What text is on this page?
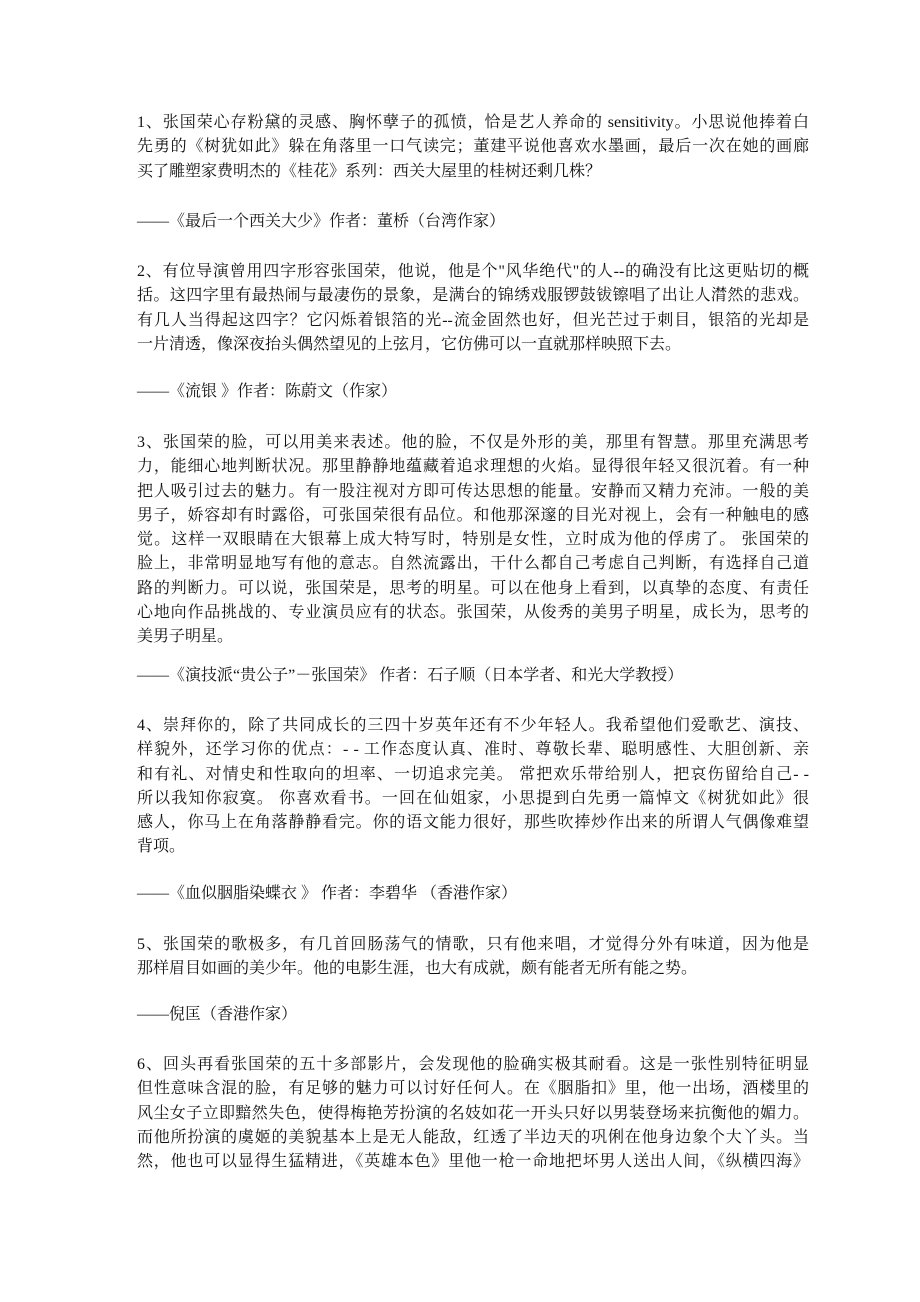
1、张国荣心存粉黛的灵感、胸怀孽子的孤愤，恰是艺人养命的 sensitivity。小思说他捧着白
先勇的《树犹如此》躲在角落里一口气读完；董建平说他喜欢水墨画，最后一次在她的画廊
买了雕塑家费明杰的《桂花》系列：西关大屋里的桂树还剩几株？
——《最后一个西关大少》作者：董桥（台湾作家）
2、有位导演曾用四字形容张国荣，他说，他是个"风华绝代"的人--的确没有比这更贴切的概
括。这四字里有最热闹与最凄伤的景象，是满台的锦绣戏服锣鼓钹镲唱了出让人潸然的悲戏。
有几人当得起这四字？它闪烁着银箔的光--流金固然也好，但光芒过于刺目，银箔的光却是
一片清透，像深夜抬头偶然望见的上弦月，它仿佛可以一直就那样映照下去。
——《流银 》作者：陈蔚文（作家）
3、张国荣的脸，可以用美来表述。他的脸，不仅是外形的美，那里有智慧。那里充满思考
力，能细心地判断状况。那里静静地蕴藏着追求理想的火焰。显得很年轻又很沉着。有一种
把人吸引过去的魅力。有一股注视对方即可传达思想的能量。安静而又精力充沛。一般的美
男子，娇容却有时露俗，可张国荣很有品位。和他那深邃的目光对视上，会有一种触电的感
觉。这样一双眼睛在大银幕上成大特写时，特别是女性，立时成为他的俘虏了。 张国荣的
脸上，非常明显地写有他的意志。自然流露出，干什么都自己考虑自己判断，有选择自己道
路的判断力。可以说，张国荣是，思考的明星。可以在他身上看到，以真挚的态度、有责任
心地向作品挑战的、专业演员应有的状态。张国荣，从俊秀的美男子明星，成长为，思考的
美男子明星。
——《演技派“贵公子”－张国荣》 作者：石子顺（日本学者、和光大学教授）
4、崇拜你的，除了共同成长的三四十岁英年还有不少年轻人。我希望他们爱歌艺、演技、
样貌外，还学习你的优点：- - 工作态度认真、准时、尊敬长辈、聪明感性、大胆创新、亲
和有礼、对情史和性取向的坦率、一切追求完美。 常把欢乐带给别人，把哀伤留给自己- -
所以我知你寂寞。 你喜欢看书。一回在仙姐家，小思提到白先勇一篇悼文《树犹如此》很
感人，你马上在角落静静看完。你的语文能力很好，那些吹捧炒作出来的所谓人气偶像难望
背项。
——《血似胭脂染蝶衣 》 作者：李碧华 （香港作家）
5、张国荣的歌极多，有几首回肠荡气的情歌，只有他来唱，才觉得分外有味道，因为他是
那样眉目如画的美少年。他的电影生涯，也大有成就，颇有能者无所有能之势。
——倪匡（香港作家）
6、回头再看张国荣的五十多部影片，会发现他的脸确实极其耐看。这是一张性别特征明显
但性意味含混的脸，有足够的魅力可以讨好任何人。在《胭脂扣》里，他一出场，酒楼里的
风尘女子立即黯然失色，使得梅艳芳扮演的名妓如花一开头只好以男装登场来抗衡他的媚力。
而他所扮演的虞姬的美貌基本上是无人能敌，红透了半边天的巩俐在他身边象个大丫头。当
然，他也可以显得生猛精进，《英雄本色》里他一枪一命地把坏男人送出人间，《纵横四海》
